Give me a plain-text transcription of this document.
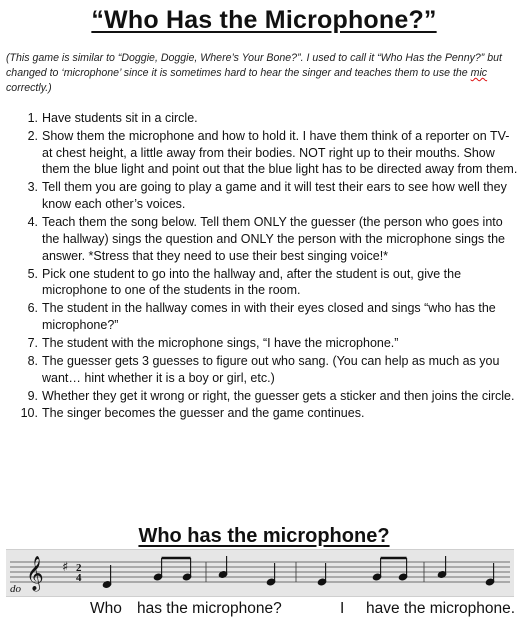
“Who Has the Microphone?”
(This game is similar to “Doggie, Doggie, Where’s Your Bone?”. I used to call it “Who Has the Penny?” but changed to ‘microphone’ since it is sometimes hard to hear the singer and teaches them to use the mic correctly.)
1. Have students sit in a circle.
2. Show them the microphone and how to hold it. I have them think of a reporter on TV- at chest height, a little away from their bodies. NOT right up to their mouths. Show them the blue light and point out that the blue light has to be directed away from them.
3. Tell them you are going to play a game and it will test their ears to see how well they know each other’s voices.
4. Teach them the song below. Tell them ONLY the guesser (the person who goes into the hallway) sings the question and ONLY the person with the microphone sings the answer. *Stress that they need to use their best singing voice!*
5. Pick one student to go into the hallway and, after the student is out, give the microphone to one of the students in the room.
6. The student in the hallway comes in with their eyes closed and sings “who has the microphone?”
7. The student with the microphone sings, “I have the microphone.”
8. The guesser gets 3 guesses to figure out who sang. (You can help as much as you want… hint whether it is a boy or girl, etc.)
9. Whether they get it wrong or right, the guesser gets a sticker and then joins the circle.
10. The singer becomes the guesser and the game continues.
Who has the microphone?
𝄞 ♯ 2
4
do
Who has the microphone?	I have the microphone.
